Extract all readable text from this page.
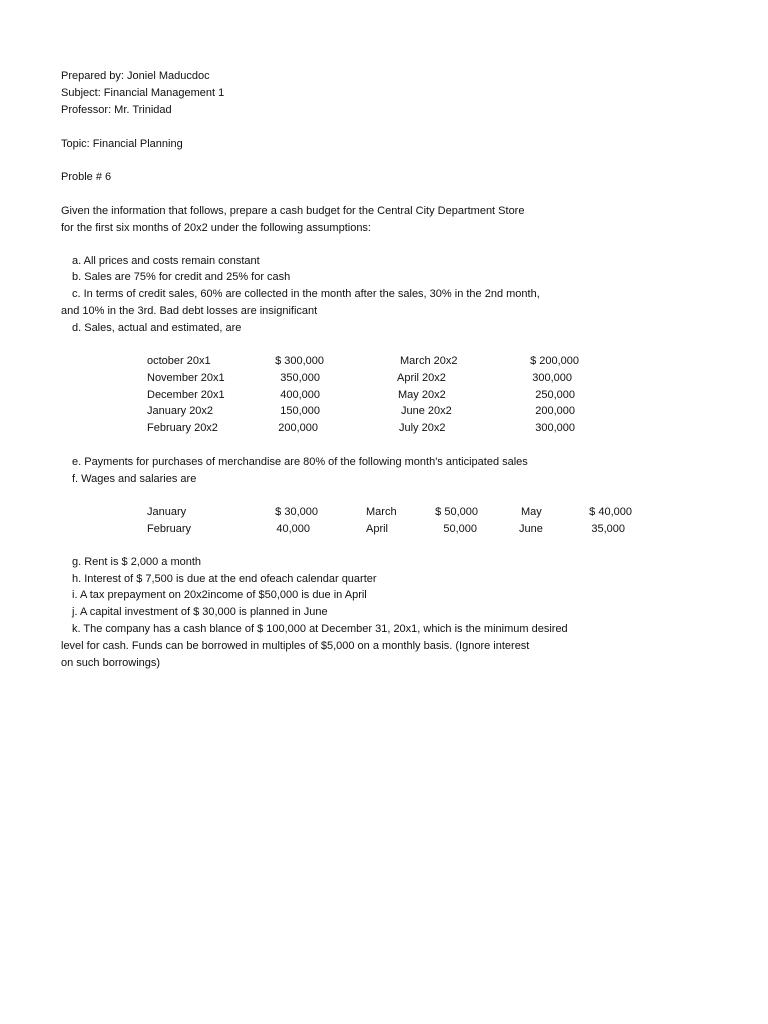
Prepared by: Joniel Maducdoc
Subject: Financial Management 1
Professor: Mr. Trinidad
Topic: Financial Planning
Proble # 6
Given the information that follows, prepare a cash budget for the Central City Department Store
for the first six months of 20x2 under the following assumptions:
a. All prices and costs remain constant
b. Sales are 75% for credit and 25% for cash
c. In terms of credit sales, 60% are collected in the month after the sales, 30% in the 2nd month,
and 10% in the 3rd. Bad debt losses are insignificant
d. Sales, actual and estimated, are
october 20x1	$ 300,000	March 20x2	$ 200,000
November 20x1	350,000	April 20x2	300,000
December 20x1	400,000	May 20x2	250,000
January 20x2	150,000	June 20x2	200,000
February 20x2	200,000	July 20x2	300,000
e. Payments for purchases of merchandise are 80% of the following month's anticipated sales
f. Wages and salaries are
January	$ 30,000	March	$ 50,000	May	$ 40,000
February	40,000	April	50,000	June	35,000
g. Rent is $ 2,000 a month
h. Interest of $ 7,500 is due at the end ofeach calendar quarter
i. A tax prepayment on 20x2income of $50,000 is due in April
j. A capital investment of $ 30,000 is planned in June
k. The company has a cash blance of $ 100,000 at December 31, 20x1, which is the minimum desired
level for cash. Funds can be borrowed in multiples of $5,000 on a monthly basis. (Ignore interest
on such borrowings)
